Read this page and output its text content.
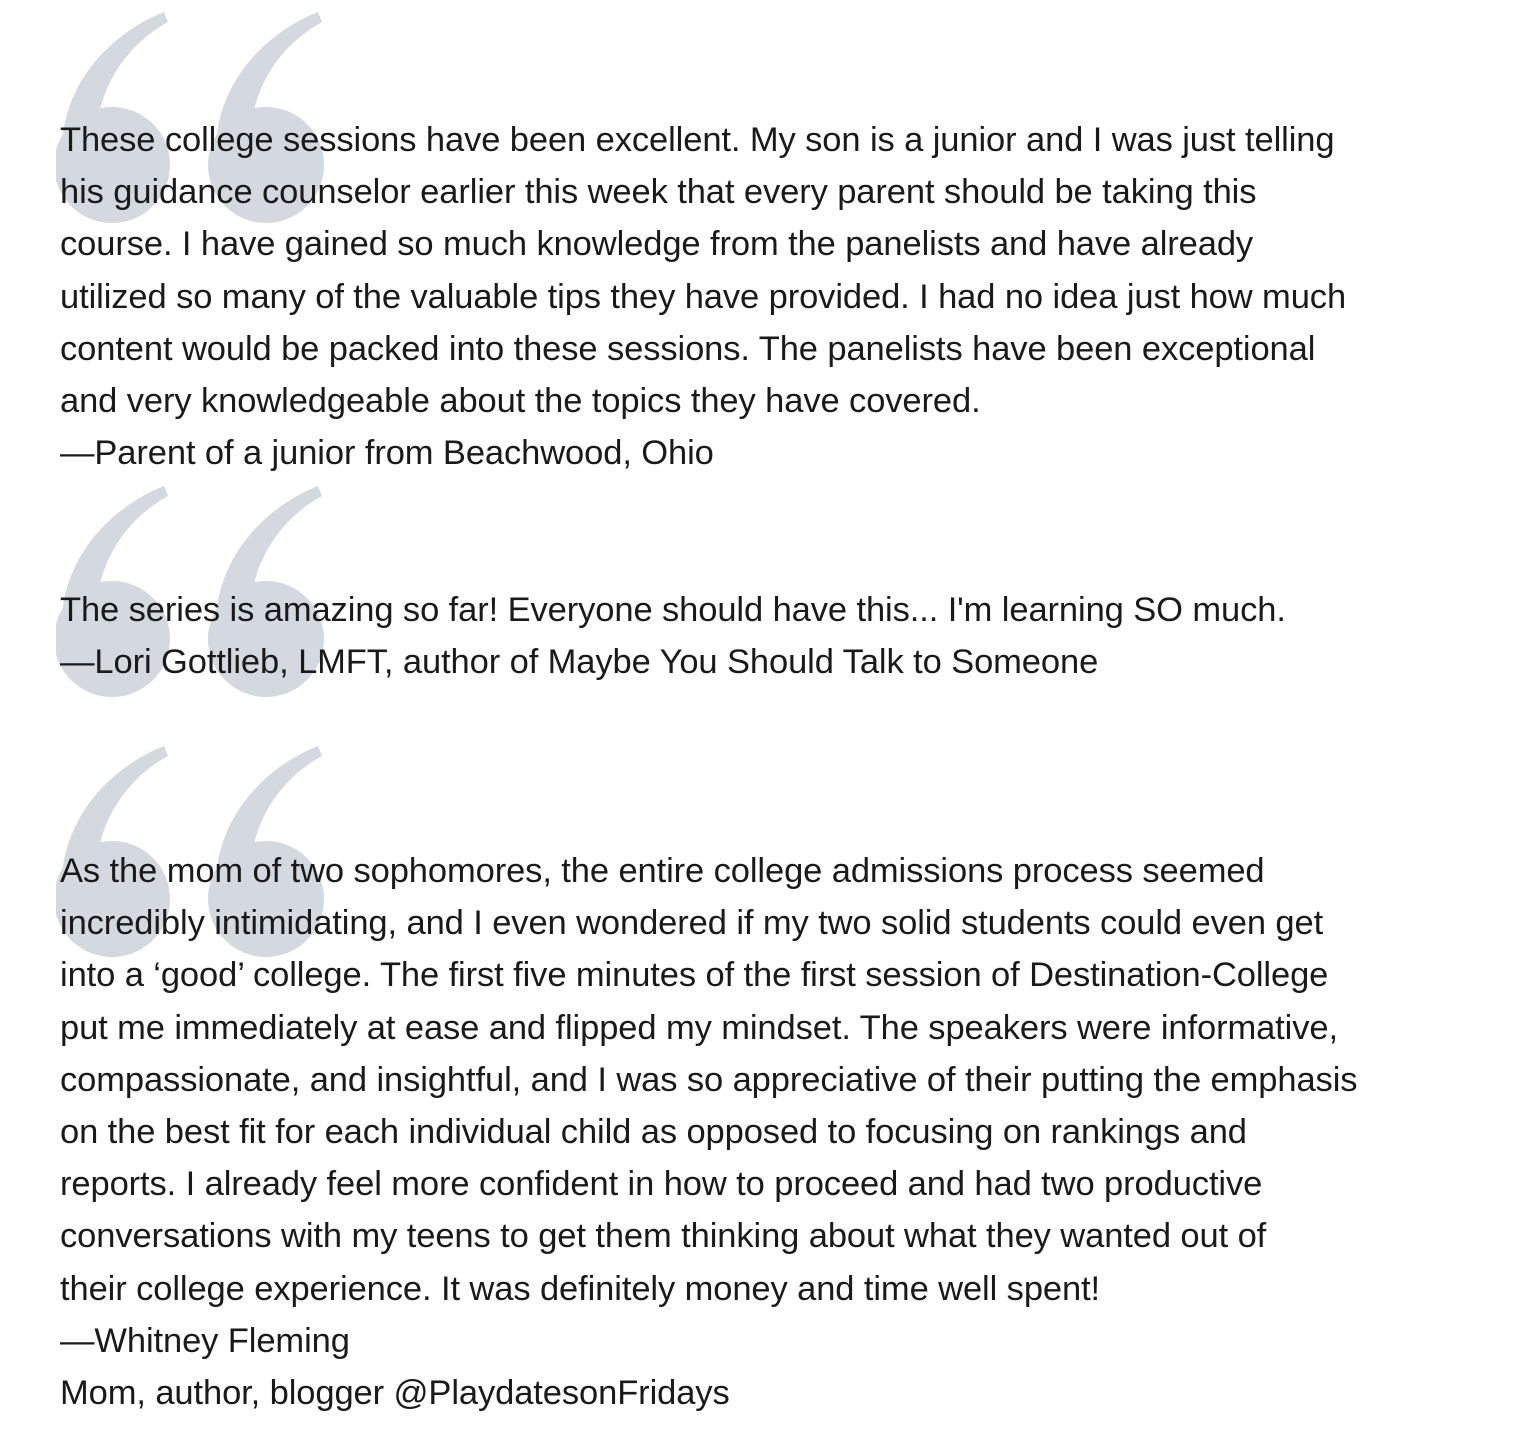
These college sessions have been excellent. My son is a junior and I was just telling
his guidance counselor earlier this week that every parent should be taking this
course. I have gained so much knowledge from the panelists and have already
utilized so many of the valuable tips they have provided. I had no idea just how much
content would be packed into these sessions. The panelists have been exceptional
and very knowledgeable about the topics they have covered.
—Parent of a junior from Beachwood, Ohio
The series is amazing so far! Everyone should have this... I'm learning SO much.
—Lori Gottlieb, LMFT, author of Maybe You Should Talk to Someone
As the mom of two sophomores, the entire college admissions process seemed
incredibly intimidating, and I even wondered if my two solid students could even get
into a ‘good’ college. The first five minutes of the first session of Destination-College
put me immediately at ease and flipped my mindset. The speakers were informative,
compassionate, and insightful, and I was so appreciative of their putting the emphasis
on the best fit for each individual child as opposed to focusing on rankings and
reports. I already feel more confident in how to proceed and had two productive
conversations with my teens to get them thinking about what they wanted out of
their college experience. It was definitely money and time well spent!
—Whitney Fleming
Mom, author, blogger @PlaydatesonFridays
